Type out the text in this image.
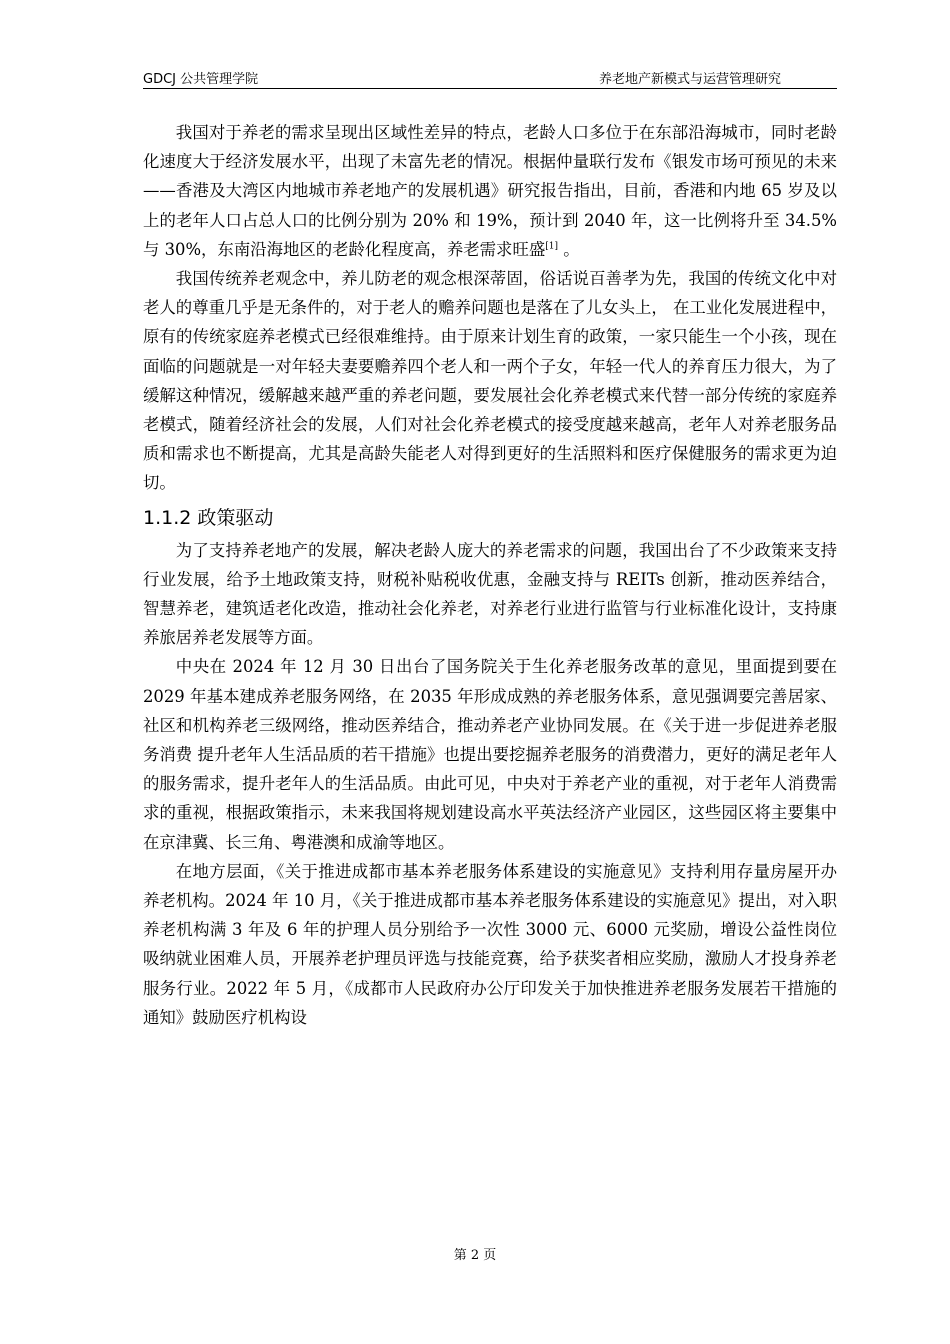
GDCJ 公共管理学院	养老地产新模式与运营管理研究

我国对于养老的需求呈现出区域性差异的特点，老龄人口多位于在东部沿海城市，同时老龄化速度大于经济发展水平，出现了未富先老的情况。根据仲量联行发布《银发市场可预见的未来——香港及大湾区内地城市养老地产的发展机遇》研究报告指出，目前，香港和内地 65 岁及以上的老年人口占总人口的比例分别为 20% 和 19%，预计到 2040 年，这一比例将升至 34.5% 与 30%，东南沿海地区的老龄化程度高，养老需求旺盛[1] 。

我国传统养老观念中，养儿防老的观念根深蒂固，俗话说百善孝为先，我国的传统文化中对老人的尊重几乎是无条件的，对于老人的赡养问题也是落在了儿女头上， 在工业化发展进程中，原有的传统家庭养老模式已经很难维持。由于原来计划生育的政策，一家只能生一个小孩，现在面临的问题就是一对年轻夫妻要赡养四个老人和一两个子女，年轻一代人的养育压力很大，为了缓解这种情况，缓解越来越严重的养老问题，要发展社会化养老模式来代替一部分传统的家庭养老模式，随着经济社会的发展，人们对社会化养老模式的接受度越来越高，老年人对养老服务品质和需求也不断提高，尤其是高龄失能老人对得到更好的生活照料和医疗保健服务的需求更为迫切。

1.1.2 政策驱动

为了支持养老地产的发展，解决老龄人庞大的养老需求的问题，我国出台了不少政策来支持行业发展，给予土地政策支持，财税补贴税收优惠，金融支持与 REITs 创新，推动医养结合，智慧养老，建筑适老化改造，推动社会化养老，对养老行业进行监管与行业标准化设计，支持康养旅居养老发展等方面。

中央在 2024 年 12 月 30 日出台了国务院关于生化养老服务改革的意见，里面提到要在 2029 年基本建成养老服务网络，在 2035 年形成成熟的养老服务体系，意见强调要完善居家、社区和机构养老三级网络，推动医养结合，推动养老产业协同发展。在《关于进一步促进养老服务消费 提升老年人生活品质的若干措施》也提出要挖掘养老服务的消费潜力，更好的满足老年人的服务需求，提升老年人的生活品质。由此可见，中央对于养老产业的重视，对于老年人消费需求的重视，根据政策指示，未来我国将规划建设高水平英法经济产业园区，这些园区将主要集中在京津冀、长三角、粤港澳和成渝等地区。

在地方层面，《关于推进成都市基本养老服务体系建设的实施意见》支持利用存量房屋开办养老机构。2024 年 10 月，《关于推进成都市基本养老服务体系建设的实施意见》提出，对入职养老机构满 3 年及 6 年的护理人员分别给予一次性 3000 元、6000 元奖励，增设公益性岗位吸纳就业困难人员，开展养老护理员评选与技能竞赛，给予获奖者相应奖励，激励人才投身养老服务行业。2022 年 5 月，《成都市人民政府办公厅印发关于加快推进养老服务发展若干措施的通知》鼓励医疗机构设

第 2 页
